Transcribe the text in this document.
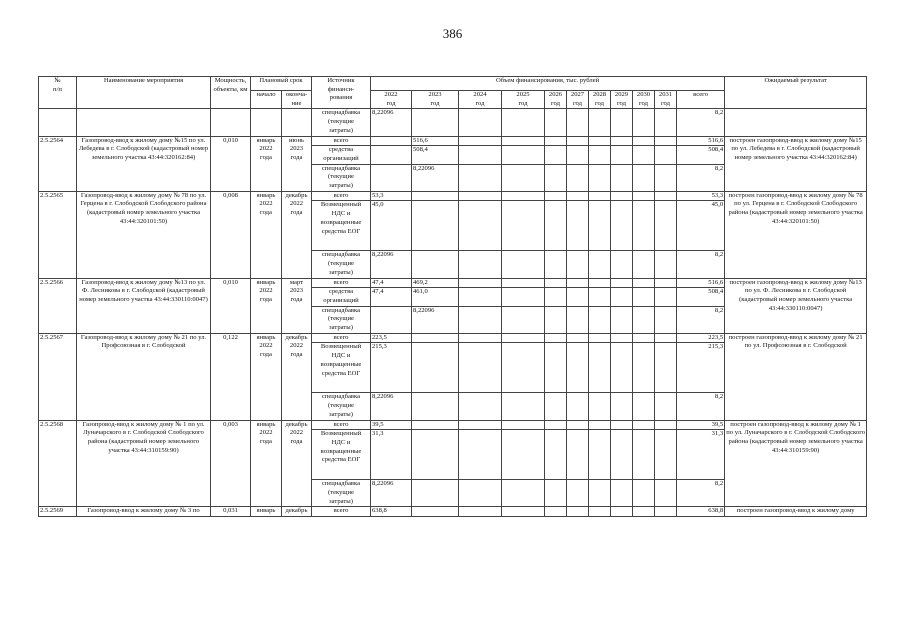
386
№
п/п	Наименование мероприятия	Мощность, объекты, км	Плановый срок		Источник
финанси-
рования	Объем финансирования, тыс. рублей											Ожидаемый результат
			начало	оконча-
ние		2022
год	2023
год	2024
год	2025
год	2026
год	2027
год	2028
год	2029
год	2030
год	2031
год	всего	
					спецнадбавка
(текущие
затраты)	8,22096										8,2	
2.5.2564	Газопровод-ввод к жилому дому №15 по ул. Лебедева в г. Слободской (кадастровый номер земельного участка 43:44:320162:84)	0,010	январь
2022
года	июнь
2023
года	всего		516,6									516,6	построен газопровод-ввод к жилому дому №15 по ул. Лебедева в г. Слободской (кадастровый номер земельного участка 43:44:320162:84)
					средства
организаций		508,4									508,4	
					спецнадбавка
(текущие
затраты)		8,22096									8,2	
2.5.2565	Газопровод-ввод к жилому дому № 78 по ул. Герцена в г. Слободской Слободского района (кадастровый номер земельного участка 43:44:320101:50)	0,008	январь
2022
года	декабрь
2022
года	всего	53,3										53,3	построен газопровод-ввод к жилому дому № 78 по ул. Герцена в г. Слободской Слободского района (кадастровый номер земельного участка 43:44:320101:50)
					Возмещенный
НДС и
возвращенные
средства ЕОГ	45,0										45,0	
					спецнадбавка
(текущие
затраты)	8,22096										8,2	
2.5.2566	Газопровод-ввод к жилому дому №13 по ул. Ф. Лесникова в г. Слободской (кадастровый номер земельного участка 43:44:330110:0047)	0,010	январь
2022
года	март
2023
года	всего	47,4	469,2									516,6	построен газопровод-ввод к жилому дому №13 по ул. Ф. Лесникова в г. Слободской (кадастровый номер земельного участка 43:44:330110:0047)
					средства
организаций	47,4	461,0									508,4	
					спецнадбавка
(текущие
затраты)		8,22096									8,2	
2.5.2567	Газопровод-ввод к жилому дому № 21 по ул. Профсоюзная в г. Слободской	0,122	январь
2022
года	декабрь
2022
года	всего	223,5										223,5	построен газопровод-ввод к жилому дому № 21 по ул. Профсоюзная в г. Слободской
					Возмещенный
НДС и
возвращенные
средства ЕОГ	215,3										215,3	
					спецнадбавка
(текущие
затраты)	8,22096										8,2	
2.5.2568	Газопровод-ввод к жилому дому № 1 по ул. Луначарского в г. Слободской Слободского района (кадастровый номер земельного участка 43:44:310159:90)	0,003	январь
2022
года	декабрь
2022
года	всего	39,5										39,5	построен газопровод-ввод к жилому дому № 1 по ул. Луначарского в г. Слободской Слободского района (кадастровый номер земельного участка 43:44:310159:90)
					Возмещенный
НДС и
возвращенные
средства ЕОГ	31,3										31,3	
					спецнадбавка
(текущие
затраты)	8,22096										8,2	
2.5.2569	Газопровод-ввод к жилому дому № 3 по	0,031	январь	декабрь	всего	638,8										638,8	построен газопровод-ввод к жилому дому
